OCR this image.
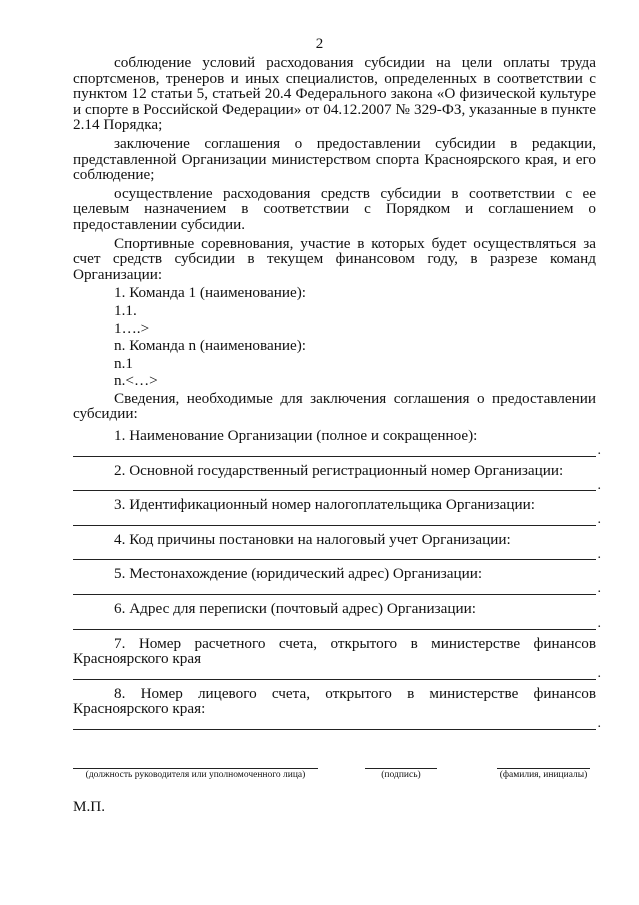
2

соблюдение условий расходования субсидии на цели оплаты труда спортсменов, тренеров и иных специалистов, определенных в соответствии с пунктом 12 статьи 5, статьей 20.4 Федерального закона «О физической культуре и спорте в Российской Федерации» от 04.12.2007 № 329-ФЗ, указанные в пункте 2.14 Порядка;

заключение соглашения о предоставлении субсидии в редакции, представленной Организации министерством спорта Красноярского края, и его соблюдение;

осуществление расходования средств субсидии в соответствии с ее целевым назначением в соответствии с Порядком и соглашением о предоставлении субсидии.

Спортивные соревнования, участие в которых будет осуществляться за счет средств субсидии в текущем финансовом году, в разрезе команд Организации:

1. Команда 1 (наименование):
1.1.
1….>
n. Команда n (наименование):
n.1
n.<…>

Сведения, необходимые для заключения соглашения о предоставлении субсидии:

1. Наименование Организации (полное и сокращенное):
.
2. Основной государственный регистрационный номер Организации:
.
3. Идентификационный номер налогоплательщика Организации:
.
4. Код причины постановки на налоговый учет Организации:
.
5. Местонахождение (юридический адрес) Организации:
.
6. Адрес для переписки (почтовый адрес) Организации:
.
7. Номер расчетного счета, открытого в министерстве финансов Красноярского края
.
8. Номер лицевого счета, открытого в министерстве финансов Красноярского края:
.
(должность руководителя или уполномоченного лица)	(подпись)	(фамилия, инициалы)
М.П.
